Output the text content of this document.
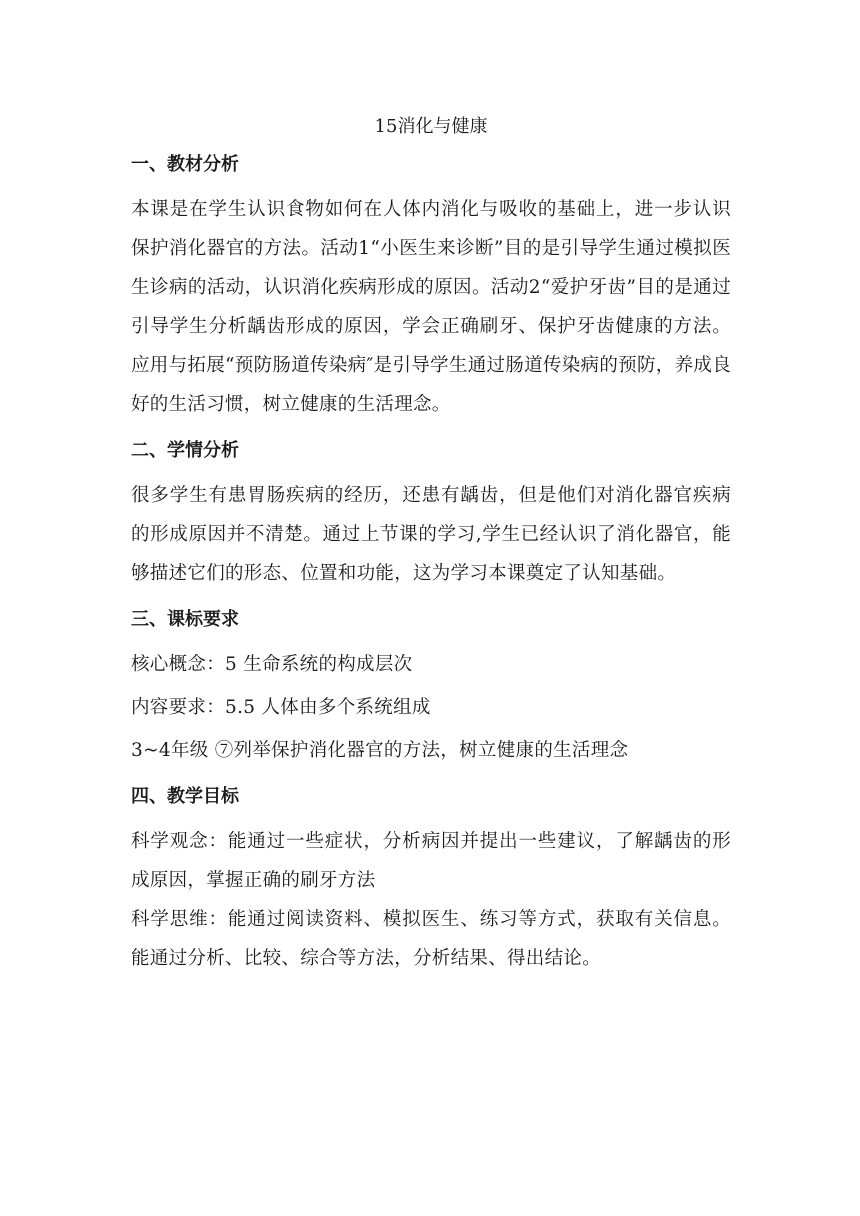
15消化与健康
一、教材分析

本课是在学生认识食物如何在人体内消化与吸收的基础上，进一步认识保护消化器官的方法。活动1“小医生来诊断”目的是引导学生通过模拟医生诊病的活动，认识消化疾病形成的原因。活动2“爱护牙齿”目的是通过引导学生分析龋齿形成的原因，学会正确刷牙、保护牙齿健康的方法。应用与拓展“预防肠道传染病″是引导学生通过肠道传染病的预防，养成良好的生活习惯，树立健康的生活理念。

二、学情分析

很多学生有患胃肠疾病的经历，还患有龋齿，但是他们对消化器官疾病的形成原因并不清楚。通过上节课的学习,学生已经认识了消化器官，能够描述它们的形态、位置和功能，这为学习本课奠定了认知基础。

三、课标要求

核心概念：5 生命系统的构成层次

内容要求：5.5 人体由多个系统组成

3~4年级 ⑦列举保护消化器官的方法，树立健康的生活理念

四、教学目标

科学观念：能通过一些症状，分析病因并提出一些建议，了解龋齿的形成原因，掌握正确的刷牙方法

科学思维：能通过阅读资料、模拟医生、练习等方式，获取有关信息。能通过分析、比较、综合等方法，分析结果、得出结论。
